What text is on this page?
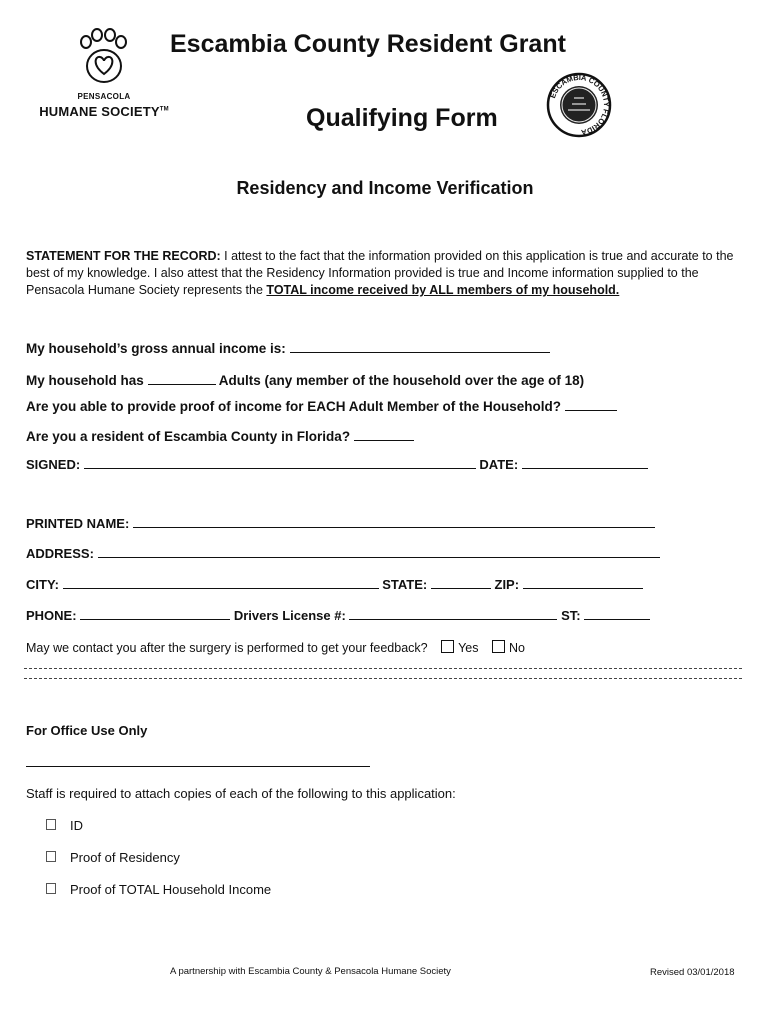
PENSACOLA
HUMANE SOCIETY™
Escambia County Resident Grant
Qualifying Form
ESCAMBIA COUNTY FLORIDA
Residency and Income Verification
STATEMENT FOR THE RECORD: I attest to the fact that the information provided on this application is true and accurate to the best of my knowledge. I also attest that the Residency Information provided is true and Income information supplied to the Pensacola Humane Society represents the TOTAL income received by ALL members of my household.
My household’s gross annual income is:
My household has	Adults (any member of the household over the age of 18)
Are you able to provide proof of income for EACH Adult Member of the Household?
Are you a resident of Escambia County in Florida?
SIGNED:	DATE:
PRINTED NAME:
ADDRESS:
CITY:	STATE:	ZIP:
PHONE:	Drivers License #:	ST:
May we contact you after the surgery is performed to get your feedback? Yes No
For Office Use Only
Staff is required to attach copies of each of the following to this application:
ID
Proof of Residency
Proof of TOTAL Household Income
A partnership with Escambia County & Pensacola Humane Society	Revised 03/01/2018
